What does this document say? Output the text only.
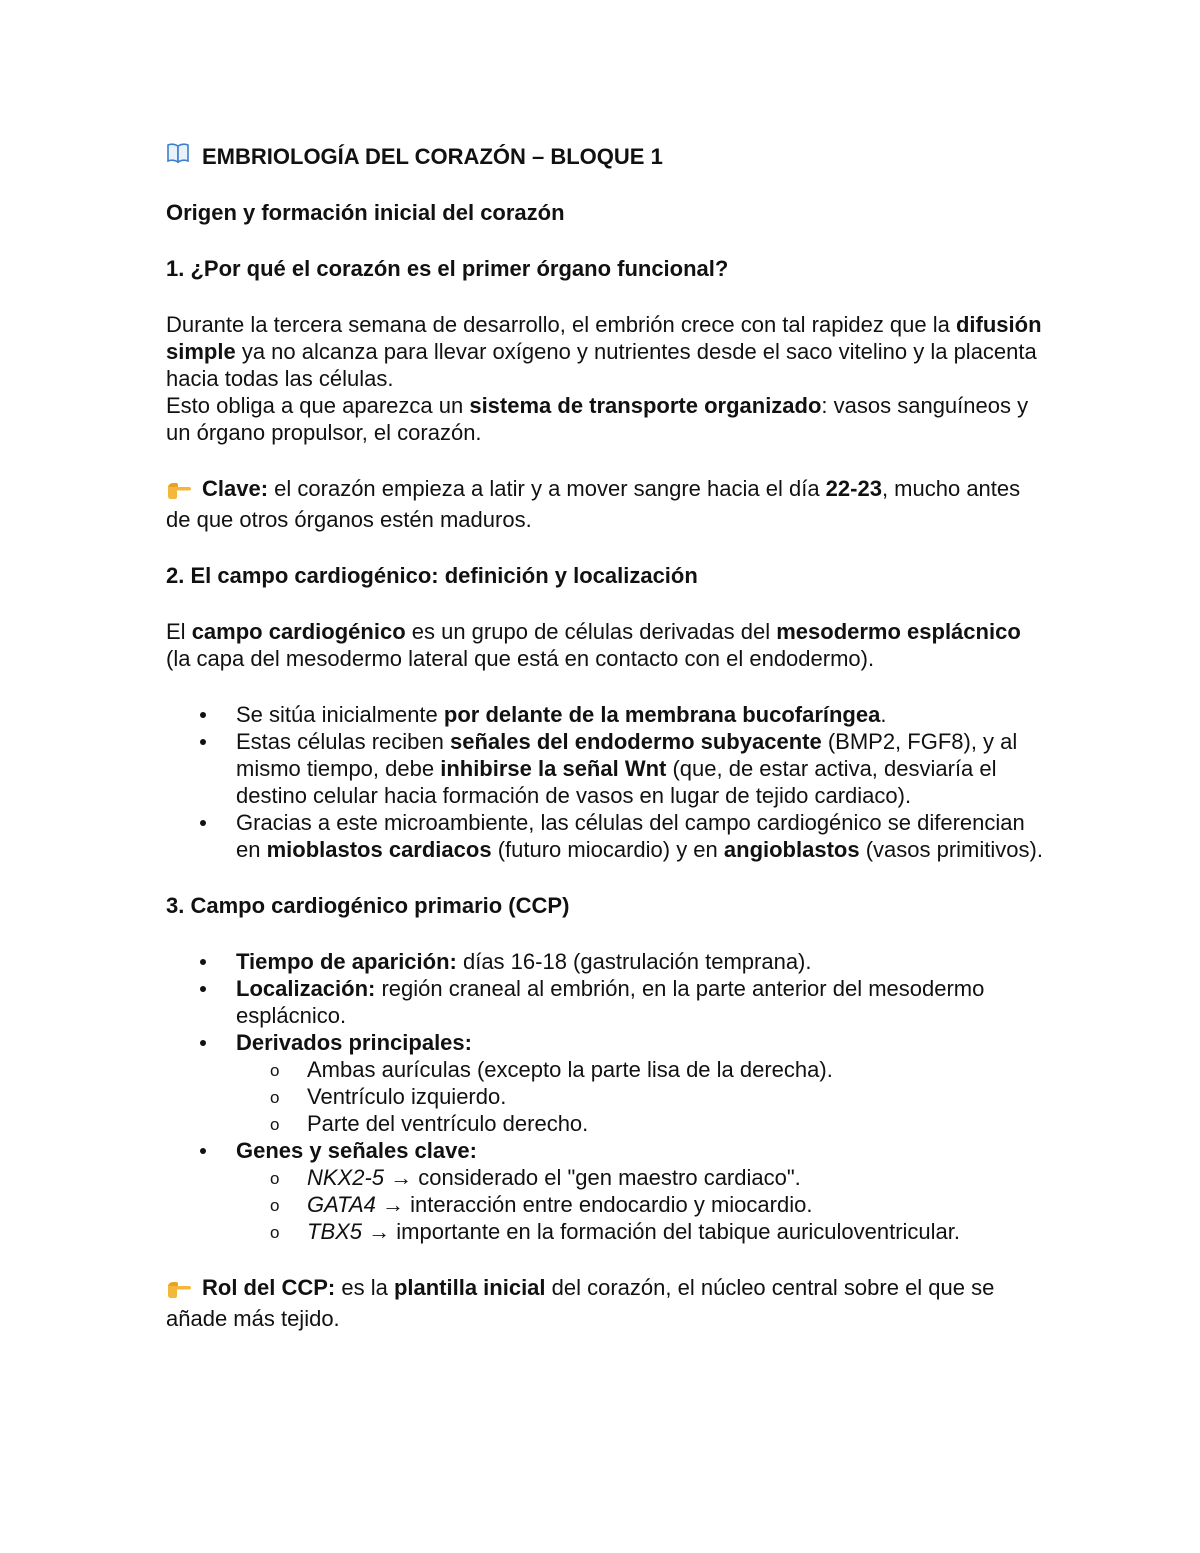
EMBRIOLOGÍA DEL CORAZÓN – BLOQUE 1

Origen y formación inicial del corazón

1. ¿Por qué el corazón es el primer órgano funcional?

Durante la tercera semana de desarrollo, el embrión crece con tal rapidez que la difusión simple ya no alcanza para llevar oxígeno y nutrientes desde el saco vitelino y la placenta hacia todas las células.

Esto obliga a que aparezca un sistema de transporte organizado: vasos sanguíneos y un órgano propulsor, el corazón.

Clave: el corazón empieza a latir y a mover sangre hacia el día 22-23, mucho antes de que otros órganos estén maduros.

2. El campo cardiogénico: definición y localización

El campo cardiogénico es un grupo de células derivadas del mesodermo esplácnico (la capa del mesodermo lateral que está en contacto con el endodermo).

Se sitúa inicialmente por delante de la membrana bucofaríngea.
Estas células reciben señales del endodermo subyacente (BMP2, FGF8), y al mismo tiempo, debe inhibirse la señal Wnt (que, de estar activa, desviaría el destino celular hacia formación de vasos en lugar de tejido cardiaco).
Gracias a este microambiente, las células del campo cardiogénico se diferencian en mioblastos cardiacos (futuro miocardio) y en angioblastos (vasos primitivos).

3. Campo cardiogénico primario (CCP)

Tiempo de aparición: días 16-18 (gastrulación temprana).
Localización: región craneal al embrión, en la parte anterior del mesodermo esplácnico.
Derivados principales:
o Ambas aurículas (excepto la parte lisa de la derecha).
o Ventrículo izquierdo.
o Parte del ventrículo derecho.
Genes y señales clave:
o NKX2-5 → considerado el "gen maestro cardiaco".
o GATA4 → interacción entre endocardio y miocardio.
o TBX5 → importante en la formación del tabique auriculoventricular.

Rol del CCP: es la plantilla inicial del corazón, el núcleo central sobre el que se añade más tejido.
